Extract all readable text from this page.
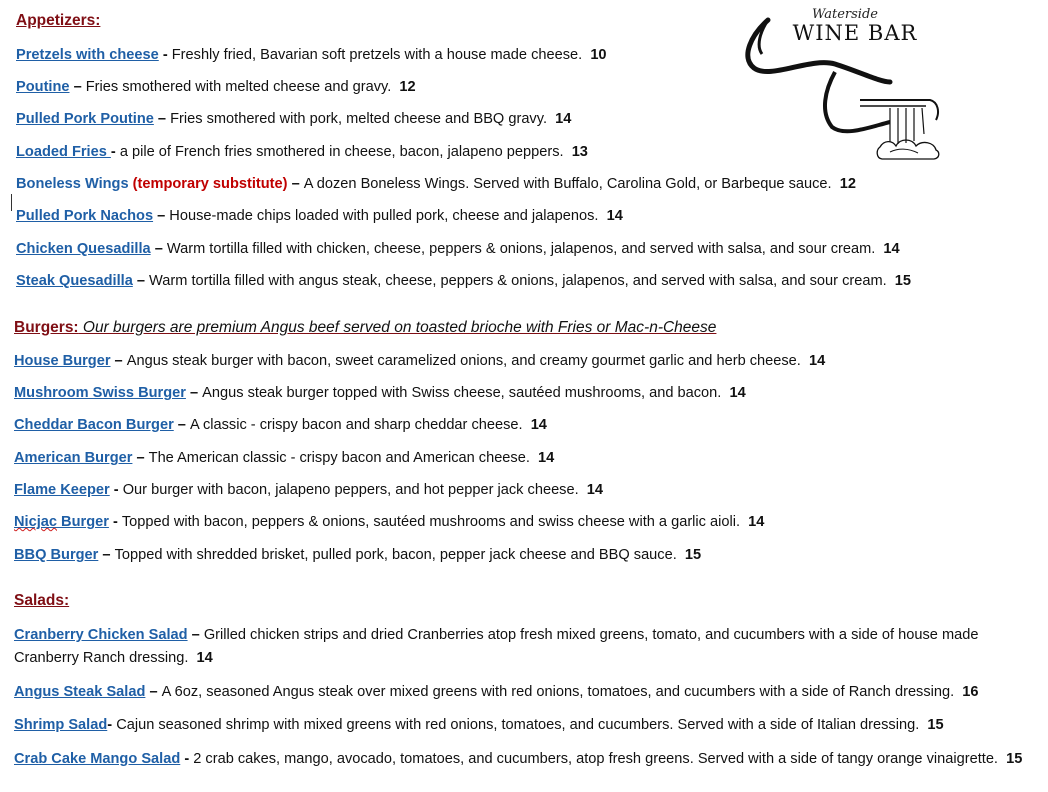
Waterside
WINE BAR
Appetizers:
Pretzels with cheese - Freshly fried, Bavarian soft pretzels with a house made cheese. 10
Poutine – Fries smothered with melted cheese and gravy. 12
Pulled Pork Poutine – Fries smothered with pork, melted cheese and BBQ gravy. 14
Loaded Fries - a pile of French fries smothered in cheese, bacon, jalapeno peppers. 13
Boneless Wings (temporary substitute) – A dozen Boneless Wings. Served with Buffalo, Carolina Gold, or Barbeque sauce. 12
Pulled Pork Nachos – House-made chips loaded with pulled pork, cheese and jalapenos. 14
Chicken Quesadilla – Warm tortilla filled with chicken, cheese, peppers & onions, jalapenos, and served with salsa, and sour cream. 14
Steak Quesadilla – Warm tortilla filled with angus steak, cheese, peppers & onions, jalapenos, and served with salsa, and sour cream. 15
Burgers: Our burgers are premium Angus beef served on toasted brioche with Fries or Mac-n-Cheese
House Burger – Angus steak burger with bacon, sweet caramelized onions, and creamy gourmet garlic and herb cheese. 14
Mushroom Swiss Burger – Angus steak burger topped with Swiss cheese, sautéed mushrooms, and bacon. 14
Cheddar Bacon Burger – A classic - crispy bacon and sharp cheddar cheese. 14
American Burger – The American classic - crispy bacon and American cheese. 14
Flame Keeper - Our burger with bacon, jalapeno peppers, and hot pepper jack cheese. 14
Nicjac Burger - Topped with bacon, peppers & onions, sautéed mushrooms and swiss cheese with a garlic aioli. 14
BBQ Burger – Topped with shredded brisket, pulled pork, bacon, pepper jack cheese and BBQ sauce. 15
Salads:
Cranberry Chicken Salad – Grilled chicken strips and dried Cranberries atop fresh mixed greens, tomato, and cucumbers with a side of house made Cranberry Ranch dressing. 14
Angus Steak Salad – A 6oz, seasoned Angus steak over mixed greens with red onions, tomatoes, and cucumbers with a side of Ranch dressing. 16
Shrimp Salad- Cajun seasoned shrimp with mixed greens with red onions, tomatoes, and cucumbers. Served with a side of Italian dressing. 15
Crab Cake Mango Salad - 2 crab cakes, mango, avocado, tomatoes, and cucumbers, atop fresh greens. Served with a side of tangy orange vinaigrette. 15
